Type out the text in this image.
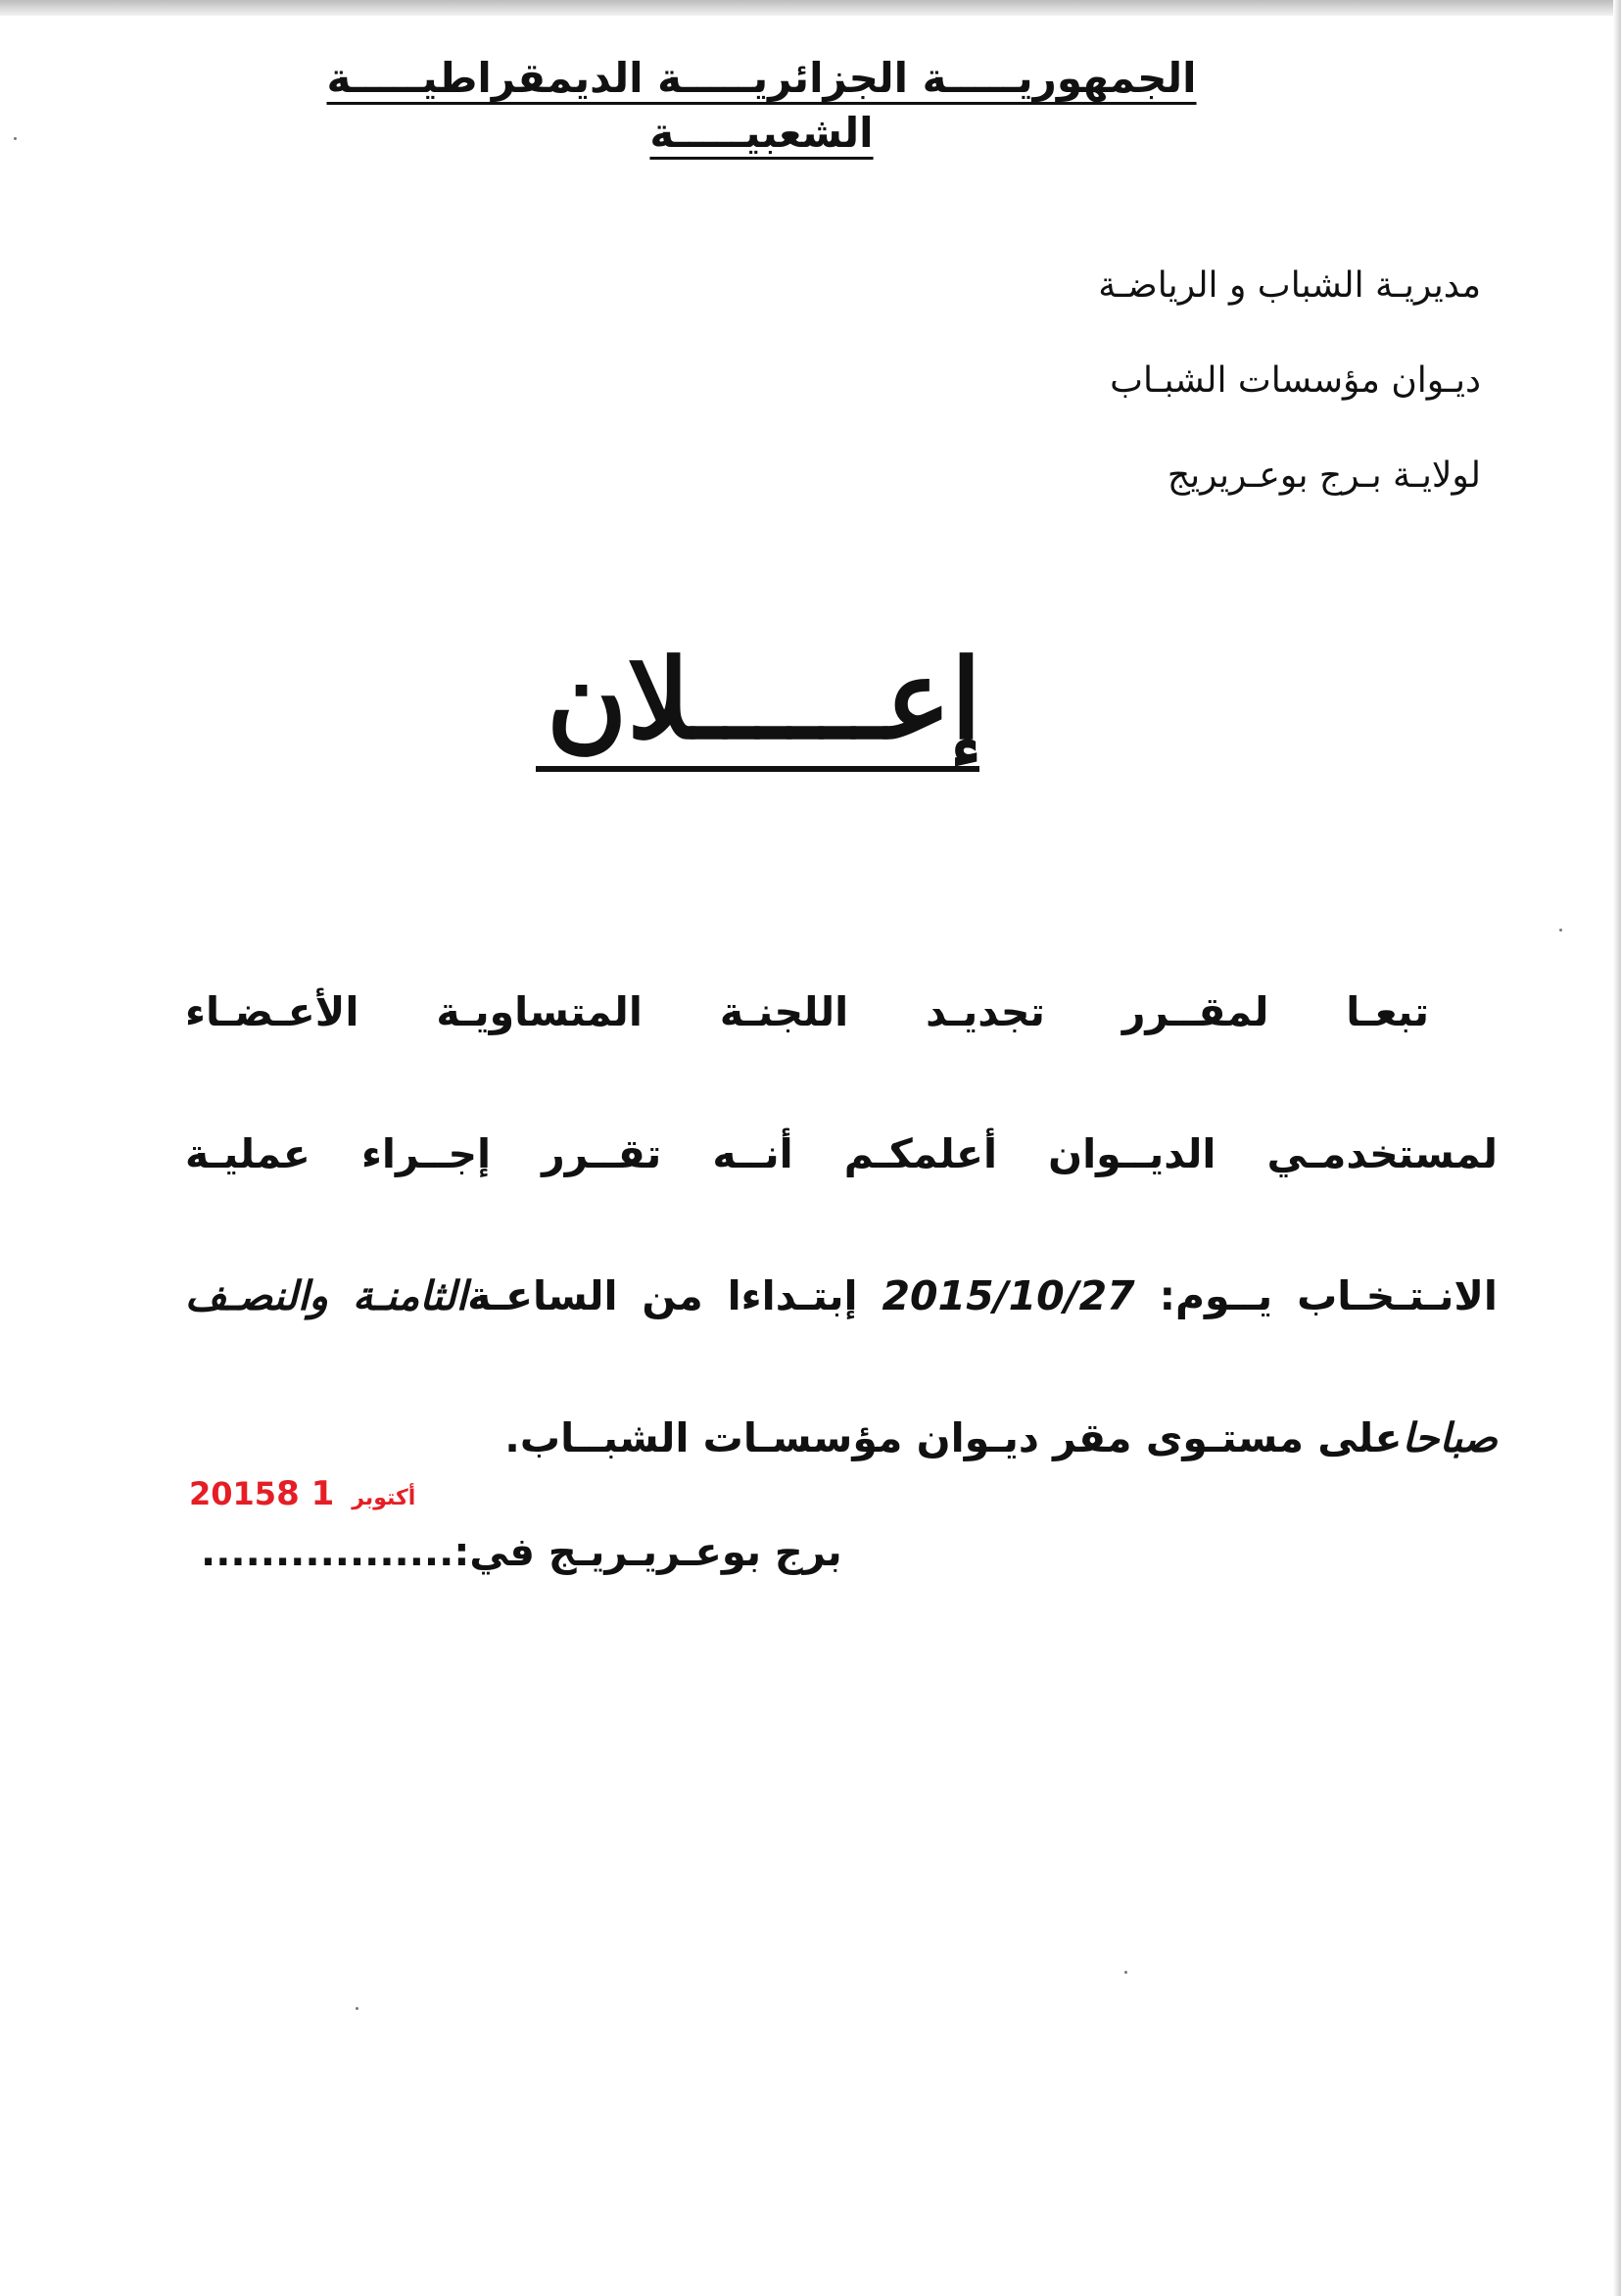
الجمهوريـــــة الجزائريـــــة الديمقراطيـــــة الشعبيـــــة
مديريـة الشباب و الرياضـة
ديـوان مؤسسات الشبـاب
لولايـة بـرج بوعـريريج
إعــــــلان
تبعـا لمقــرر تجديـد اللجنـة المتساويـة الأعـضـاء
لمستخدمـي الديــوان أعلمكـم أنــه تقــرر إجــراء عمليـة
الانـتـخـاب يــوم: 2015/10/27 إبتـداءا من الساعـةالثامنـة والنصـف
صباحاعلى مستـوى مقر ديـوان مؤسسـات الشبــاب.
2015	أكتوبر1 8
.................برج بوعـريـريـج في:
